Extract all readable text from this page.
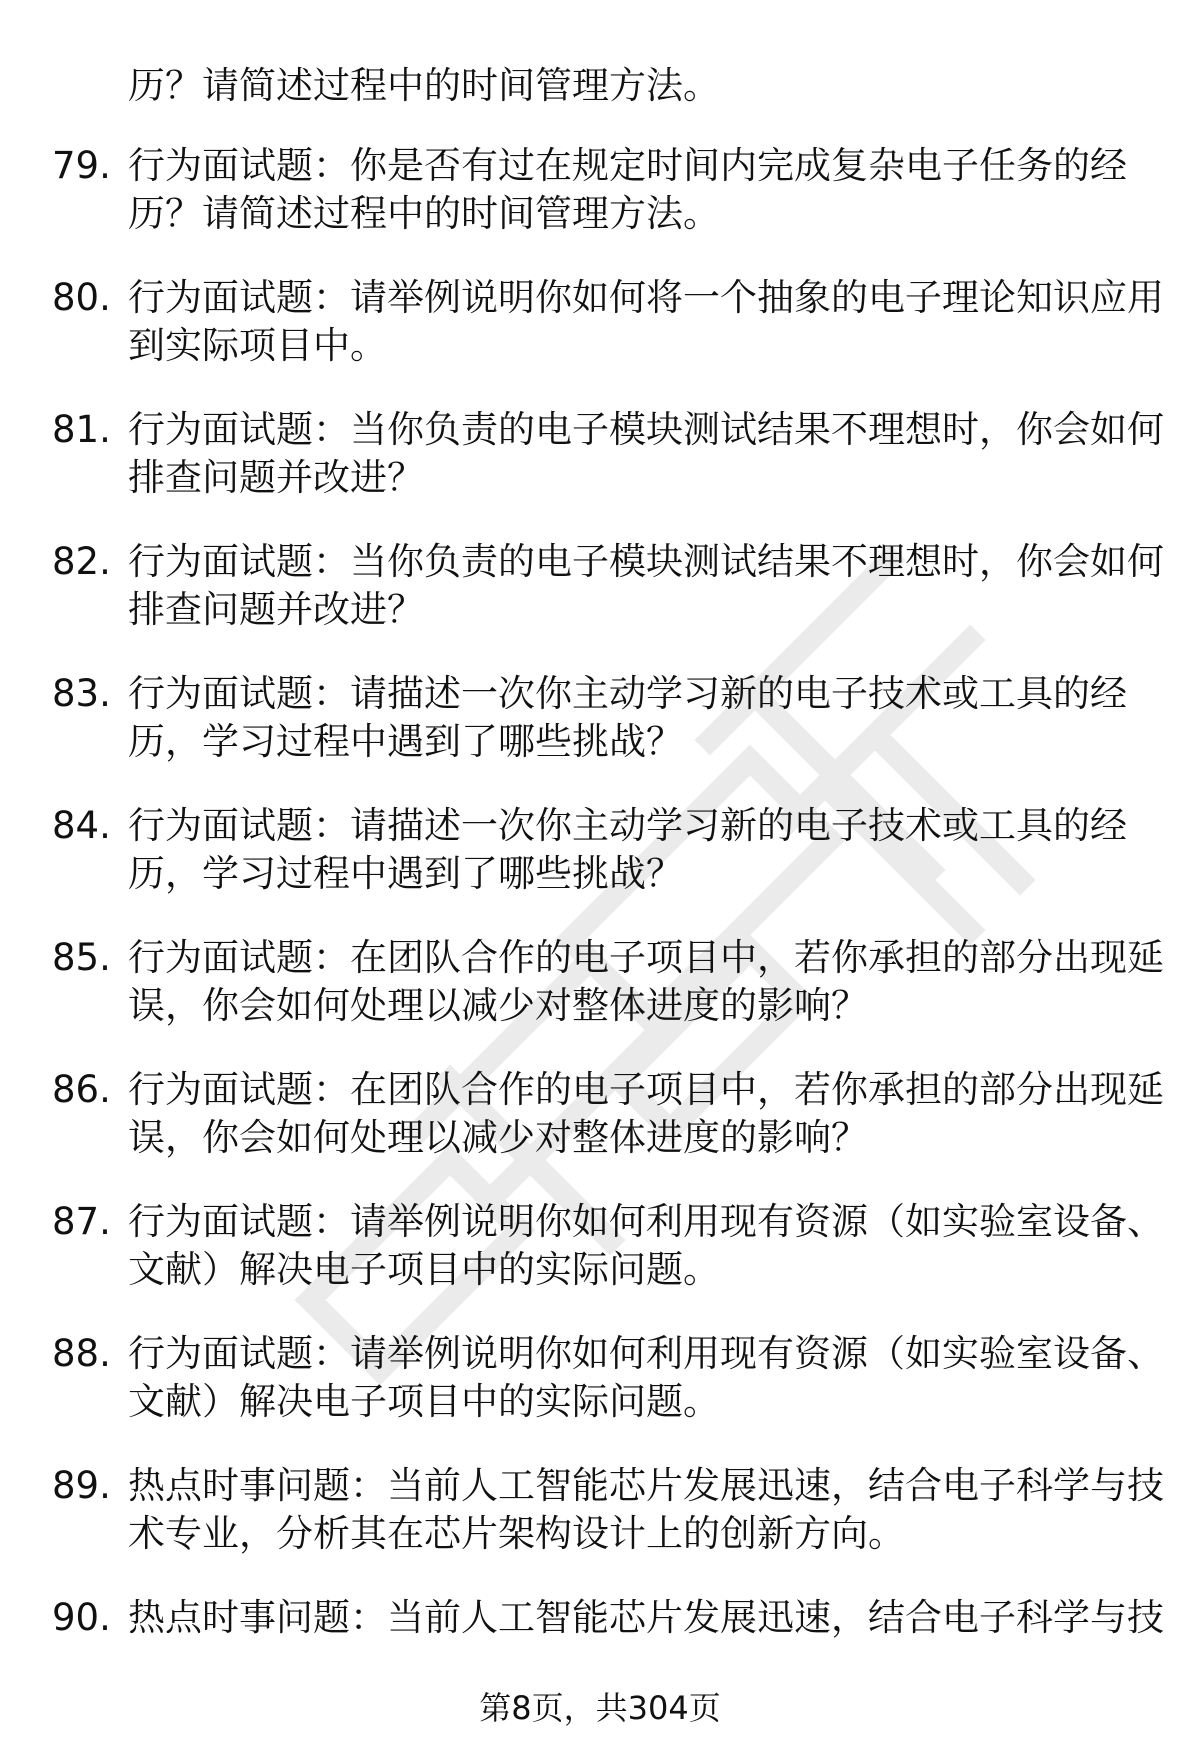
历？请简述过程中的时间管理方法。
79. 行为面试题：你是否有过在规定时间内完成复杂电子任务的经
历？请简述过程中的时间管理方法。
80. 行为面试题：请举例说明你如何将一个抽象的电子理论知识应用
到实际项目中。
81. 行为面试题：当你负责的电子模块测试结果不理想时，你会如何
排查问题并改进？
82. 行为面试题：当你负责的电子模块测试结果不理想时，你会如何
排查问题并改进？
83. 行为面试题：请描述一次你主动学习新的电子技术或工具的经
历，学习过程中遇到了哪些挑战？
84. 行为面试题：请描述一次你主动学习新的电子技术或工具的经
历，学习过程中遇到了哪些挑战？
85. 行为面试题：在团队合作的电子项目中，若你承担的部分出现延
误，你会如何处理以减少对整体进度的影响？
86. 行为面试题：在团队合作的电子项目中，若你承担的部分出现延
误，你会如何处理以减少对整体进度的影响？
87. 行为面试题：请举例说明你如何利用现有资源（如实验室设备、
文献）解决电子项目中的实际问题。
88. 行为面试题：请举例说明你如何利用现有资源（如实验室设备、
文献）解决电子项目中的实际问题。
89. 热点时事问题：当前人工智能芯片发展迅速，结合电子科学与技
术专业，分析其在芯片架构设计上的创新方向。
90. 热点时事问题：当前人工智能芯片发展迅速，结合电子科学与技
第8页，共304页
